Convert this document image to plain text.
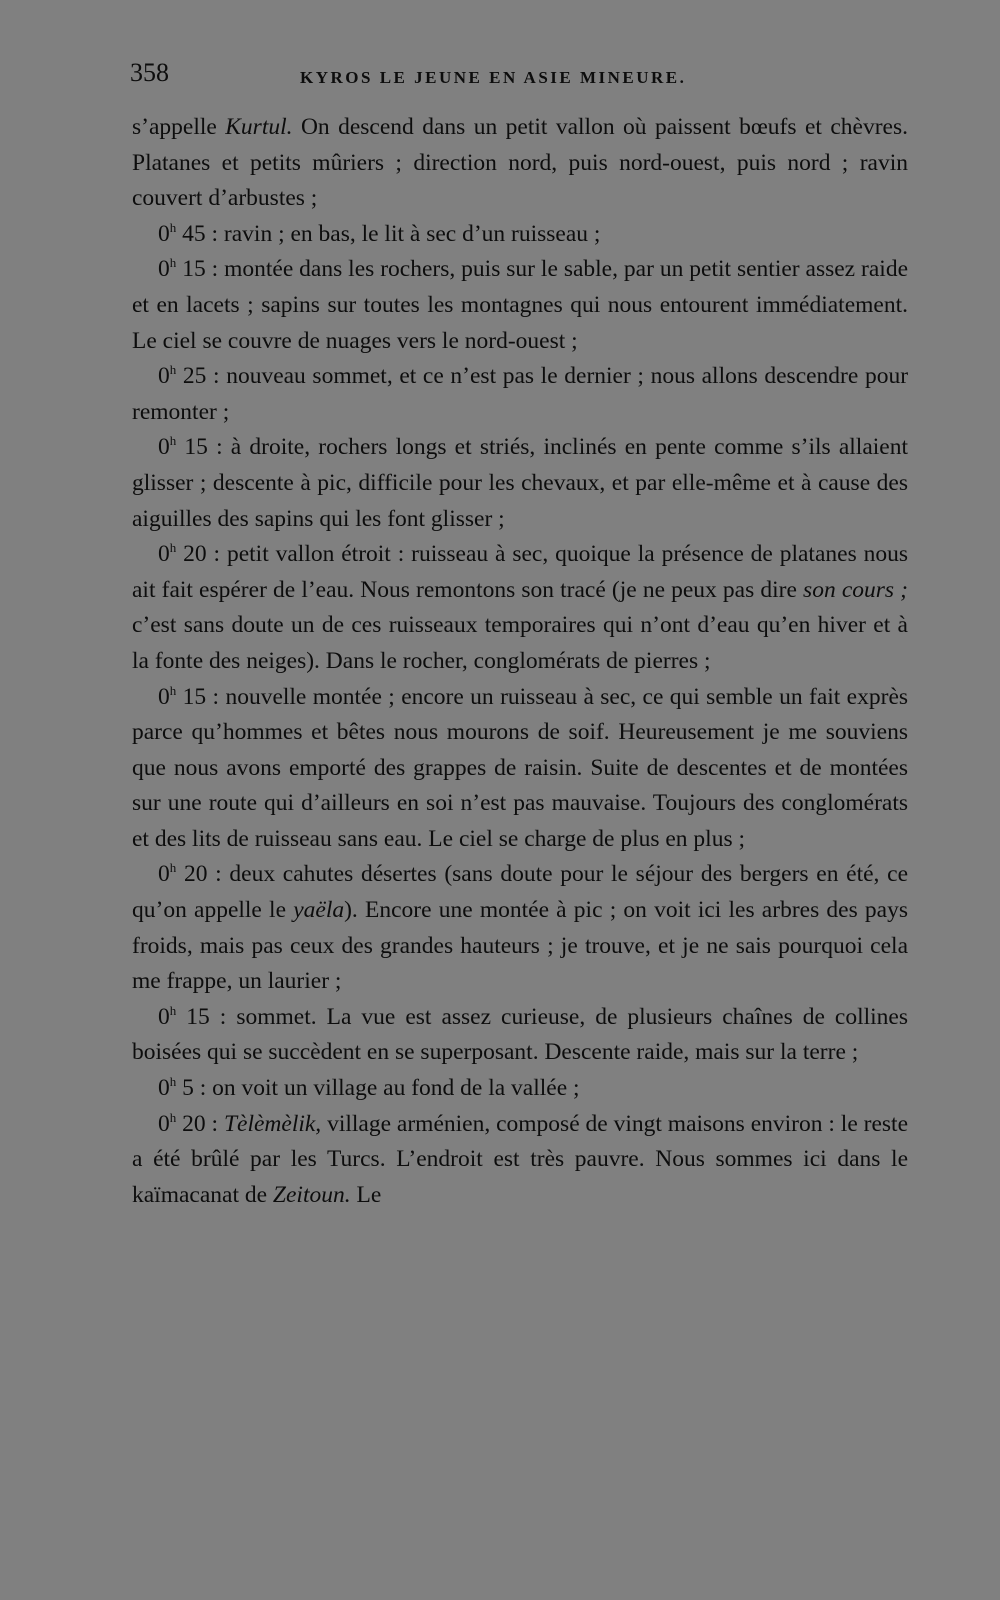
358	KYROS LE JEUNE EN ASIE MINEURE.

s’appelle Kurtul. On descend dans un petit vallon où paissent bœufs et chèvres. Platanes et petits mûriers ; direction nord, puis nord-ouest, puis nord ; ravin couvert d’arbustes ;

0$^h$ 45 : ravin ; en bas, le lit à sec d’un ruisseau ;

0$^h$ 15 : montée dans les rochers, puis sur le sable, par un petit sentier assez raide et en lacets ; sapins sur toutes les montagnes qui nous entourent immédiatement. Le ciel se couvre de nuages vers le nord-ouest ;

0$^h$ 25 : nouveau sommet, et ce n’est pas le dernier ; nous allons descendre pour remonter ;

0$^h$ 15 : à droite, rochers longs et striés, inclinés en pente comme s’ils allaient glisser ; descente à pic, difficile pour les chevaux, et par elle-même et à cause des aiguilles des sapins qui les font glisser ;

0$^h$ 20 : petit vallon étroit : ruisseau à sec, quoique la présence de platanes nous ait fait espérer de l’eau. Nous remontons son tracé (je ne peux pas dire son cours ; c’est sans doute un de ces ruisseaux temporaires qui n’ont d’eau qu’en hiver et à la fonte des neiges). Dans le rocher, conglomérats de pierres ;

0$^h$ 15 : nouvelle montée ; encore un ruisseau à sec, ce qui semble un fait exprès parce qu’hommes et bêtes nous mourons de soif. Heureusement je me souviens que nous avons emporté des grappes de raisin. Suite de descentes et de montées sur une route qui d’ailleurs en soi n’est pas mauvaise. Toujours des conglomérats et des lits de ruisseau sans eau. Le ciel se charge de plus en plus ;

0$^h$ 20 : deux cahutes désertes (sans doute pour le séjour des bergers en été, ce qu’on appelle le yaëla). Encore une montée à pic ; on voit ici les arbres des pays froids, mais pas ceux des grandes hauteurs ; je trouve, et je ne sais pourquoi cela me frappe, un laurier ;

0$^h$ 15 : sommet. La vue est assez curieuse, de plusieurs chaînes de collines boisées qui se succèdent en se superposant. Descente raide, mais sur la terre ;

0$^h$ 5 : on voit un village au fond de la vallée ;

0$^h$ 20 : Tèlèmèlik, village arménien, composé de vingt maisons environ : le reste a été brûlé par les Turcs. L’endroit est très pauvre. Nous sommes ici dans le kaïmacanat de Zeitoun. Le
